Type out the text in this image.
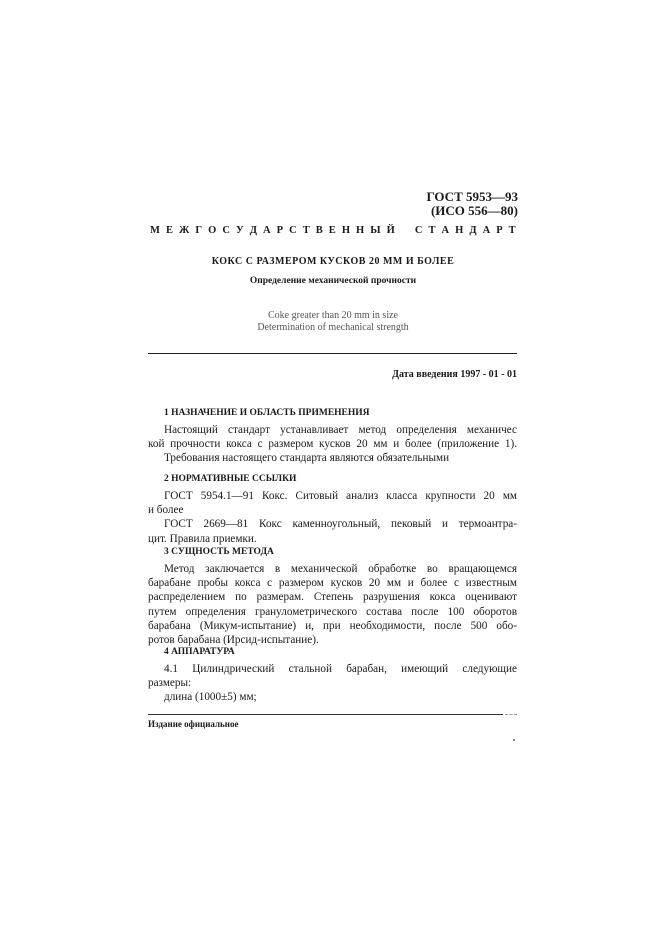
ГОСТ 5953—93
(ИСО 556—80)
М Е Ж Г О С У Д А Р С Т В Е Н Н Ы Й С Т А Н Д А Р Т
КОКС С РАЗМЕРОМ КУСКОВ 20 ММ И БОЛЕЕ
Определение механической прочности
Coke greater than 20 mm in size
Determination of mechanical strength
Дата введения 1997 - 01 - 01
1 НАЗНАЧЕНИЕ И ОБЛАСТЬ ПРИМЕНЕНИЯ
Настоящий стандарт устанавливает метод определения механичес
кой прочности кокса с размером кусков 20 мм и более (приложение 1).
Требования настоящего стандарта являются обязательными
2 НОРМАТИВНЫЕ ССЫЛКИ
ГОСТ 5954.1—91 Кокс. Ситовый анализ класса крупности 20 мм
и более
ГОСТ 2669—81 Кокс каменноугольный, пековый и термоантра-
цит. Правила приемки.
3 СУЩНОСТЬ МЕТОДА
Метод заключается в механической обработке во вращающемся
барабане пробы кокса с размером кусков 20 мм и более с известным
распределением по размерам. Степень разрушения кокса оценивают
путем определения гранулометрического состава после 100 оборотов
барабана (Микум-испытание) и, при необходимости, после 500 обо-
ротов барабана (Ирсид-испытание).
4 АППАРАТУРА
4.1 Цилиндрический стальной барабан, имеющий следующие
размеры:
длина (1000±5) мм;
Издание официальное
